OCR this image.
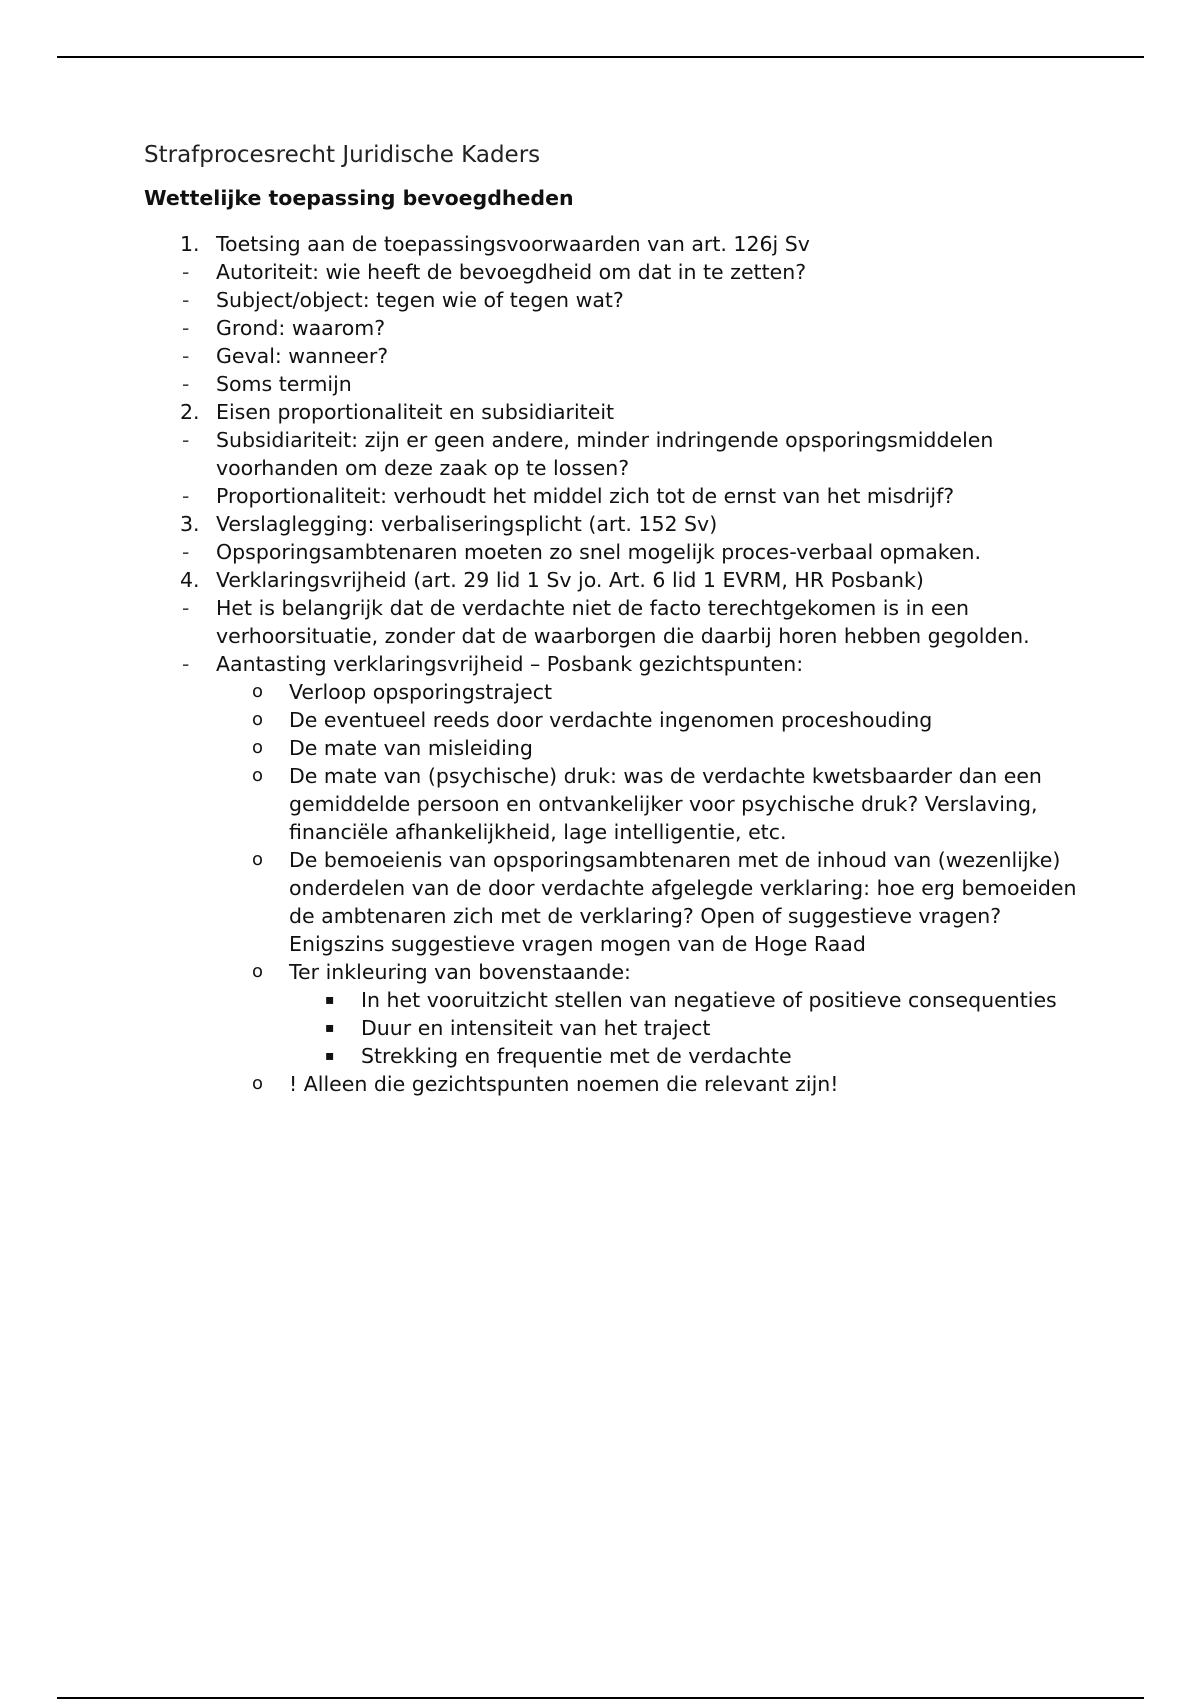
Strafprocesrecht Juridische Kaders
Wettelijke toepassing bevoegdheden
1. Toetsing aan de toepassingsvoorwaarden van art. 126j Sv
- Autoriteit: wie heeft de bevoegdheid om dat in te zetten?
- Subject/object: tegen wie of tegen wat?
- Grond: waarom?
- Geval: wanneer?
- Soms termijn
2. Eisen proportionaliteit en subsidiariteit
- Subsidiariteit: zijn er geen andere, minder indringende opsporingsmiddelen voorhanden om deze zaak op te lossen?
- Proportionaliteit: verhoudt het middel zich tot de ernst van het misdrijf?
3. Verslaglegging: verbaliseringsplicht (art. 152 Sv)
- Opsporingsambtenaren moeten zo snel mogelijk proces-verbaal opmaken.
4. Verklaringsvrijheid (art. 29 lid 1 Sv jo. Art. 6 lid 1 EVRM, HR Posbank)
- Het is belangrijk dat de verdachte niet de facto terechtgekomen is in een verhoorsituatie, zonder dat de waarborgen die daarbij horen hebben gegolden.
- Aantasting verklaringsvrijheid – Posbank gezichtspunten:
o Verloop opsporingstraject
o De eventueel reeds door verdachte ingenomen proceshouding
o De mate van misleiding
o De mate van (psychische) druk: was de verdachte kwetsbaarder dan een gemiddelde persoon en ontvankelijker voor psychische druk? Verslaving, financiële afhankelijkheid, lage intelligentie, etc.
o De bemoeienis van opsporingsambtenaren met de inhoud van (wezenlijke) onderdelen van de door verdachte afgelegde verklaring: hoe erg bemoeiden de ambtenaren zich met de verklaring? Open of suggestieve vragen? Enigszins suggestieve vragen mogen van de Hoge Raad
o Ter inkleuring van bovenstaande:
▪ In het vooruitzicht stellen van negatieve of positieve consequenties
▪ Duur en intensiteit van het traject
▪ Strekking en frequentie met de verdachte
o ! Alleen die gezichtspunten noemen die relevant zijn!
